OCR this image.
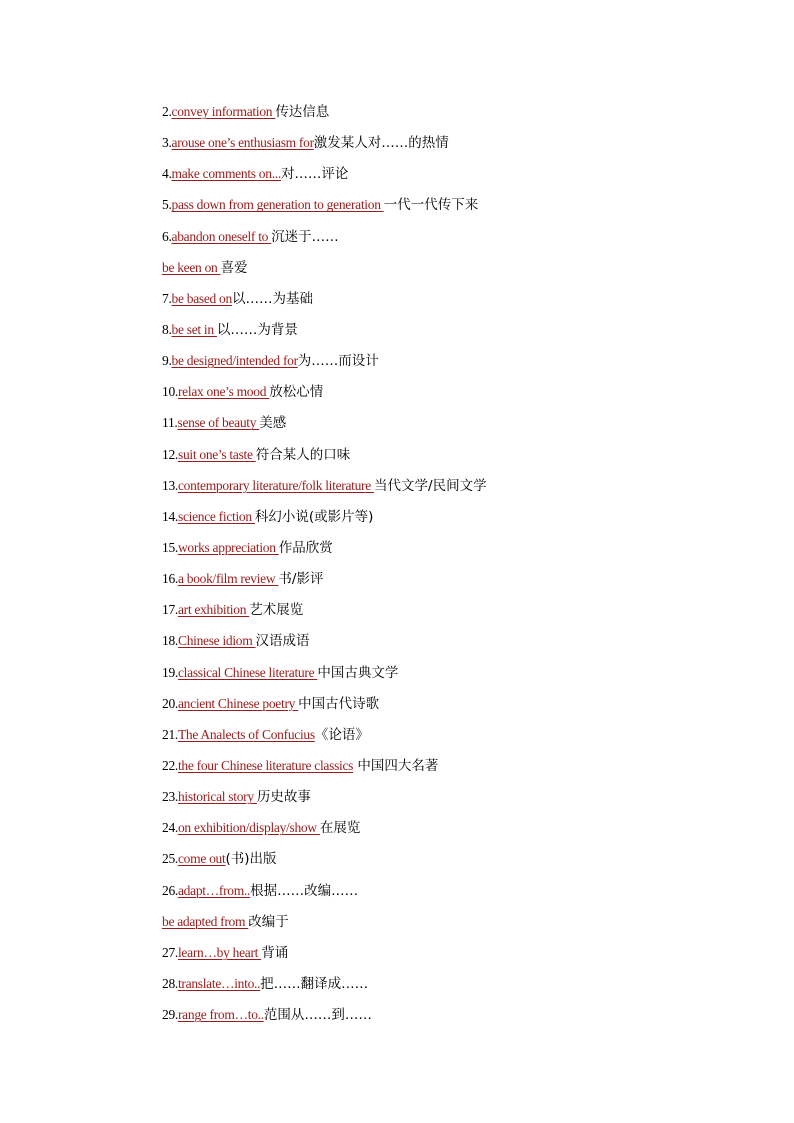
2.convey information 传达信息
3.arouse one’s enthusiasm for激发某人对……的热情
4.make comments on...对……评论
5.pass down from generation to generation 一代一代传下来
6.abandon oneself to 沉迷于……
be keen on 喜爱
7.be based on以……为基础
8.be set in 以……为背景
9.be designed/intended for为……而设计
10.relax one’s mood 放松心情
11.sense of beauty 美感
12.suit one’s taste 符合某人的口味
13.contemporary literature/folk literature 当代文学/民间文学
14.science fiction 科幻小说(或影片等)
15.works appreciation 作品欣赏
16.a book/film review 书/影评
17.art exhibition 艺术展览
18.Chinese idiom 汉语成语
19.classical Chinese literature 中国古典文学
20.ancient Chinese poetry 中国古代诗歌
21.The Analects of Confucius《论语》
22.the four Chinese literature classics 中国四大名著
23.historical story 历史故事
24.on exhibition/display/show 在展览
25.come out(书)出版
26.adapt…from..根据……改编……
be adapted from 改编于
27.learn…by heart 背诵
28.translate…into..把……翻译成……
29.range from…to..范围从……到……
